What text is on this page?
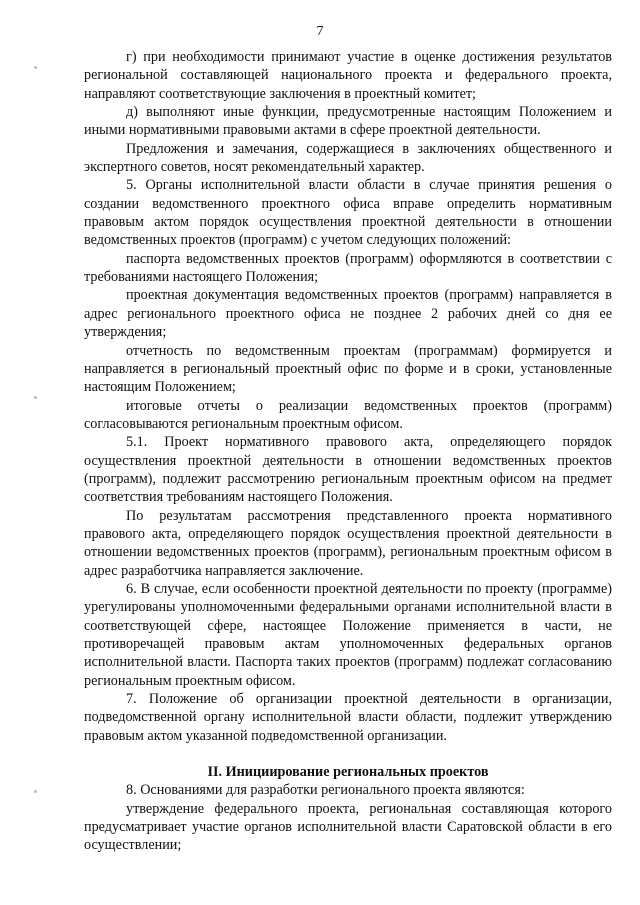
7

г) при необходимости принимают участие в оценке достижения результатов региональной составляющей национального проекта и федерального проекта, направляют соответствующие заключения в проектный комитет;

д) выполняют иные функции, предусмотренные настоящим Положением и иными нормативными правовыми актами в сфере проектной деятельности.

Предложения и замечания, содержащиеся в заключениях общественного и экспертного советов, носят рекомендательный характер.

5. Органы исполнительной власти области в случае принятия решения о создании ведомственного проектного офиса вправе определить нормативным правовым актом порядок осуществления проектной деятельности в отношении ведомственных проектов (программ) с учетом следующих положений:

паспорта ведомственных проектов (программ) оформляются в соответствии с требованиями настоящего Положения;

проектная документация ведомственных проектов (программ) направляется в адрес регионального проектного офиса не позднее 2 рабочих дней со дня ее утверждения;

отчетность по ведомственным проектам (программам) формируется и направляется в региональный проектный офис по форме и в сроки, установленные настоящим Положением;

итоговые отчеты о реализации ведомственных проектов (программ) согласовываются региональным проектным офисом.

5.1. Проект нормативного правового акта, определяющего порядок осуществления проектной деятельности в отношении ведомственных проектов (программ), подлежит рассмотрению региональным проектным офисом на предмет соответствия требованиям настоящего Положения.

По результатам рассмотрения представленного проекта нормативного правового акта, определяющего порядок осуществления проектной деятельности в отношении ведомственных проектов (программ), региональным проектным офисом в адрес разработчика направляется заключение.

6. В случае, если особенности проектной деятельности по проекту (программе) урегулированы уполномоченными федеральными органами исполнительной власти в соответствующей сфере, настоящее Положение применяется в части, не противоречащей правовым актам уполномоченных федеральных органов исполнительной власти. Паспорта таких проектов (программ) подлежат согласованию региональным проектным офисом.

7. Положение об организации проектной деятельности в организации, подведомственной органу исполнительной власти области, подлежит утверждению правовым актом указанной подведомственной организации.

II. Инициирование региональных проектов

8. Основаниями для разработки регионального проекта являются:

утверждение федерального проекта, региональная составляющая которого предусматривает участие органов исполнительной власти Саратовской области в его осуществлении;
